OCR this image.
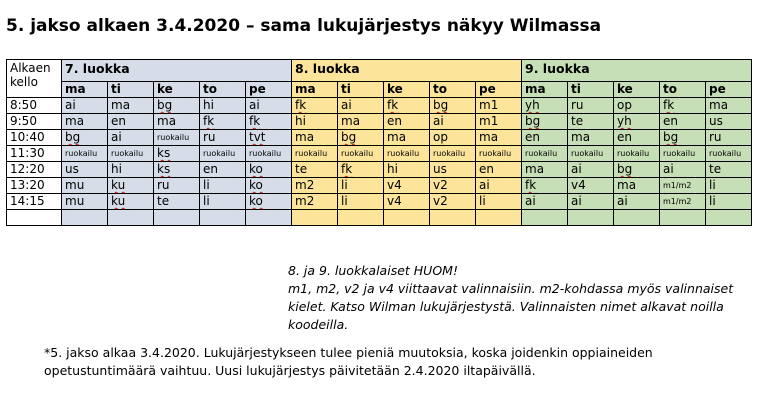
5. jakso alkaen 3.4.2020 – sama lukujärjestys näkyy Wilmassa
Alkaen
kello	7. luokka					8. luokka					9. luokka				
	ma	ti	ke	to	pe	ma	ti	ke	to	pe	ma	ti	ke	to	pe
8:50	ai	ma	bg	hi	ai	fk	ai	fk	bg	m1	yh	ru	op	fk	ma
9:50	ma	en	ma	fk	fk	hi	ma	en	ai	m1	bg	te	yh	en	us
10:40	bg	ai	ruokailu	ru	tvt	ma	bg	ma	op	ma	en	ma	en	bg	ru
11:30	ruokailu	ruokailu	ks	ruokailu	ruokailu	ruokailu	ruokailu	ruokailu	ruokailu	ruokailu	ruokailu	ruokailu	ruokailu	ruokailu	ruokailu
12:20	us	hi	ks	en	ko	te	fk	hi	us	en	ma	ai	bg	ai	te
13:20	mu	ku	ru	li	ko	m2	li	v4	v2	ai	fk	v4	ma	m1/m2	li
14:15	mu	ku	te	li	ko	m2	li	v4	v2	li	ai	ai	ai	m1/m2	li

8. ja 9. luokkalaiset HUOM!
m1, m2, v2 ja v4 viittaavat valinnaisiin. m2-kohdassa myös valinnaiset kielet. Katso Wilman lukujärjestystä. Valinnaisten nimet alkavat noilla koodeilla.
*5. jakso alkaa 3.4.2020. Lukujärjestykseen tulee pieniä muutoksia, koska joidenkin oppiaineiden opetustuntimäärä vaihtuu. Uusi lukujärjestys päivitetään 2.4.2020 iltapäivällä.
